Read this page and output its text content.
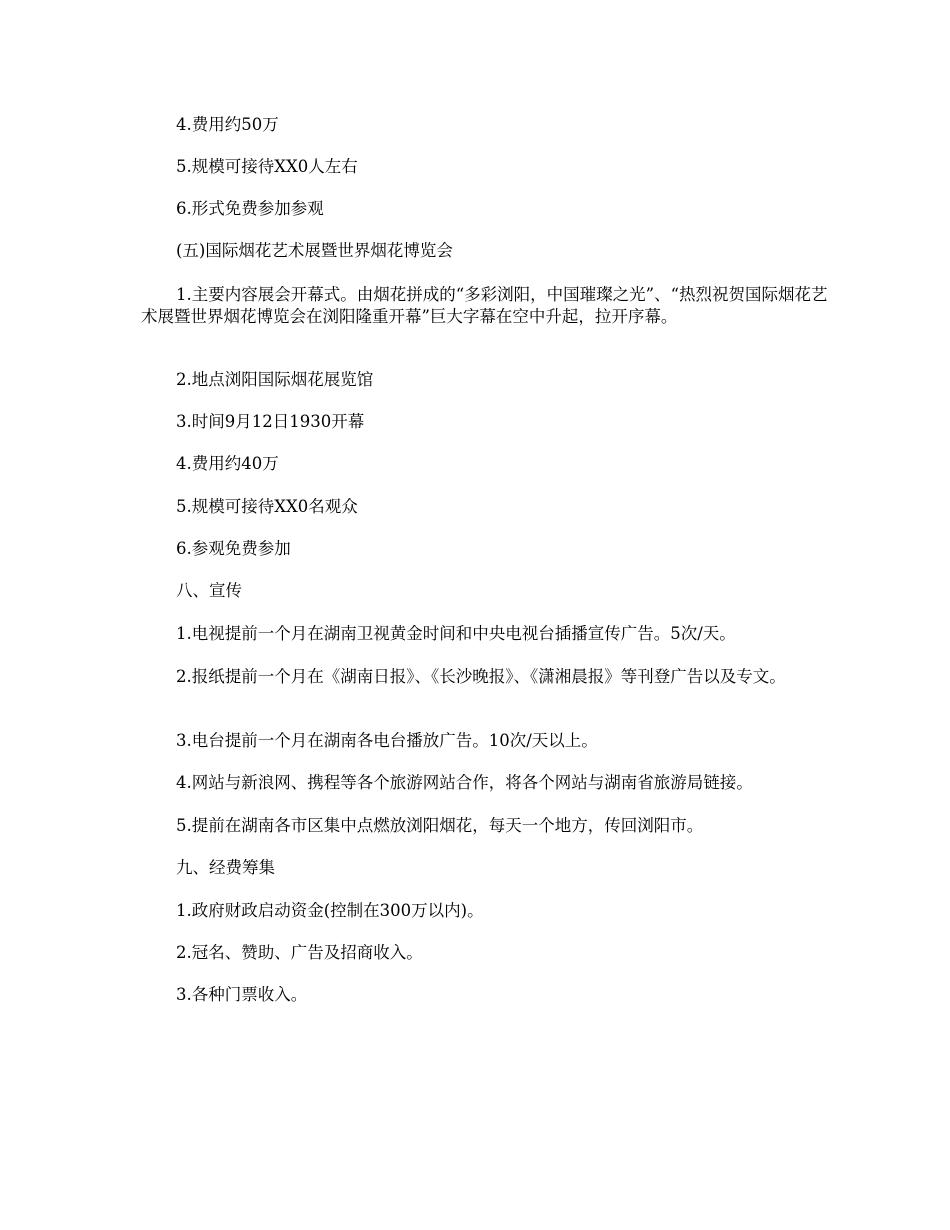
4.费用约50万

5.规模可接待XX0人左右

6.形式免费参加参观

(五)国际烟花艺术展暨世界烟花博览会

1.主要内容展会开幕式。由烟花拼成的“多彩浏阳，中国璀璨之光”、“热烈祝贺国际烟花艺术展暨世界烟花博览会在浏阳隆重开幕”巨大字幕在空中升起，拉开序幕。

2.地点浏阳国际烟花展览馆

3.时间9月12日1930开幕

4.费用约40万

5.规模可接待XX0名观众

6.参观免费参加

八、宣传

1.电视提前一个月在湖南卫视黄金时间和中央电视台插播宣传广告。5次/天。

2.报纸提前一个月在《湖南日报》、《长沙晚报》、《潇湘晨报》等刊登广告以及专文。

3.电台提前一个月在湖南各电台播放广告。10次/天以上。

4.网站与新浪网、携程等各个旅游网站合作，将各个网站与湖南省旅游局链接。

5.提前在湖南各市区集中点燃放浏阳烟花，每天一个地方，传回浏阳市。

九、经费筹集

1.政府财政启动资金(控制在300万以内)。

2.冠名、赞助、广告及招商收入。

3.各种门票收入。
